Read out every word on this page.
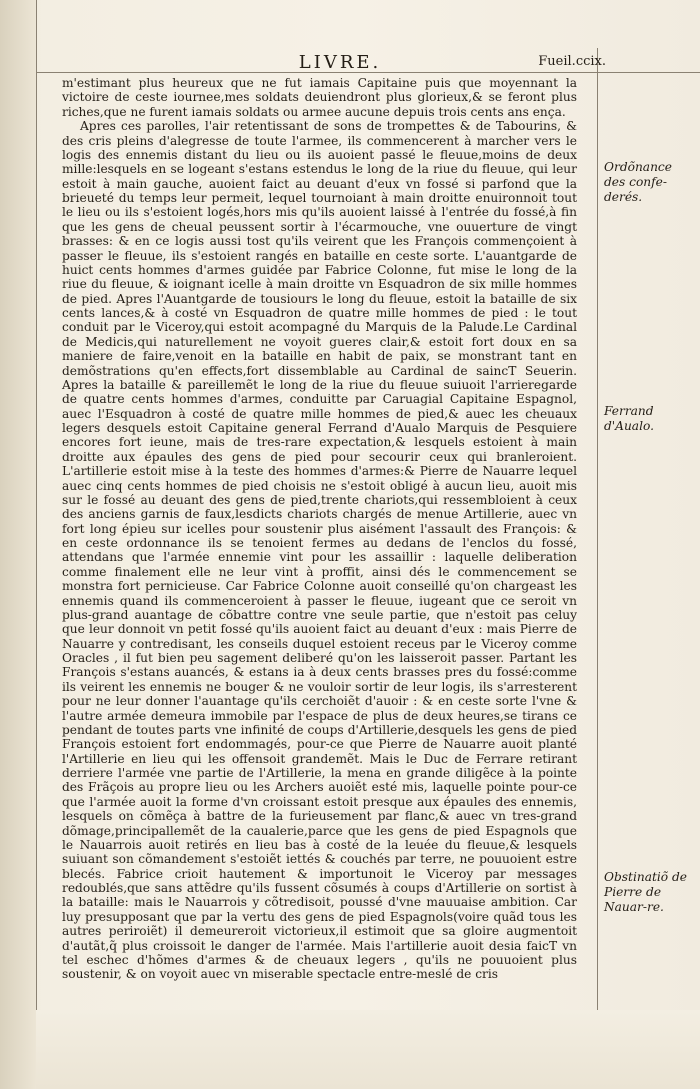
LIVRE.	Fueil.ccix.

m'estimant plus heureux que ne fut iamais Capitaine puis que moyennant la victoire de ceste iournee,mes soldats deuiendront plus glorieux,& se feront plus riches,que ne furent iamais soldats ou armee aucune depuis trois cents ans ença.

Apres ces parolles, l'air retentissant de sons de trompettes & de Tabourins, & des cris pleins d'alegresse de toute l'armee, ils commencerent à marcher vers le logis des ennemis distant du lieu ou ils auoient passé le fleuue,moins de deux mille:lesquels en se logeant s'estans estendus le long de la riue du fleuue, qui leur estoit à main gauche, auoient faict au deuant d'eux vn fossé si parfond que la brieueté du temps leur permeit, lequel tournoiant à main droitte enuironnoit tout le lieu ou ils s'estoient logés,hors mis qu'ils auoient laissé à l'entrée du fossé,à fin que les gens de cheual peussent sortir à l'écarmouche, vne ouuerture de vingt brasses: & en ce logis aussi tost qu'ils veirent que les François commençoient à passer le fleuue, ils s'estoient rangés en bataille en ceste sorte. L'auantgarde de huict cents hommes d'armes guidée par Fabrice Colonne, fut mise le long de la riue du fleuue, & ioignant icelle à main droitte vn Esquadron de six mille hommes de pied. Apres l'Auantgarde de tousiours le long du fleuue, estoit la bataille de six cents lances,& à costé vn Esquadron de quatre mille hommes de pied : le tout conduit par le Viceroy,qui estoit acompagné du Marquis de la Palude.Le Cardinal de Medicis,qui naturellement ne voyoit gueres clair,& estoit fort doux en sa maniere de faire,venoit en la bataille en habit de paix, se monstrant tant en demõstrations qu'en effects,fort dissemblable au Cardinal de saincT Seuerin. Apres la bataille & pareillemẽt le long de la riue du fleuue suiuoit l'arrieregarde de quatre cents hommes d'armes, conduitte par Caruagial Capitaine Espagnol, auec l'Esquadron à costé de quatre mille hommes de pied,& auec les cheuaux legers desquels estoit Capitaine general Ferrand d'Aualo Marquis de Pesquiere encores fort ieune, mais de tres-rare expectation,& lesquels estoient à main droitte aux épaules des gens de pied pour secourir ceux qui branleroient. L'artillerie estoit mise à la teste des hommes d'armes:& Pierre de Nauarre lequel auec cinq cents hommes de pied choisis ne s'estoit obligé à aucun lieu, auoit mis sur le fossé au deuant des gens de pied,trente chariots,qui ressembloient à ceux des anciens garnis de faux,lesdicts chariots chargés de menue Artillerie, auec vn fort long épieu sur icelles pour soustenir plus aisément l'assault des François: & en ceste ordonnance ils se tenoient fermes au dedans de l'enclos du fossé, attendans que l'armée ennemie vint pour les assaillir : laquelle deliberation comme finalement elle ne leur vint à proffit, ainsi dés le commencement se monstra fort pernicieuse. Car Fabrice Colonne auoit conseillé qu'on chargeast les ennemis quand ils commenceroient à passer le fleuue, iugeant que ce seroit vn plus-grand auantage de cõbattre contre vne seule partie, que n'estoit pas celuy que leur donnoit vn petit fossé qu'ils auoient faict au deuant d'eux : mais Pierre de Nauarre y contredisant, les conseils duquel estoient receus par le Viceroy comme Oracles , il fut bien peu sagement deliberé qu'on les laisseroit passer. Partant les François s'estans auancés, & estans ia à deux cents brasses pres du fossé:comme ils veirent les ennemis ne bouger & ne vouloir sortir de leur logis, ils s'arresterent pour ne leur donner l'auantage qu'ils cerchoiẽt d'auoir : & en ceste sorte l'vne & l'autre armée demeura immobile par l'espace de plus de deux heures,se tirans ce pendant de toutes parts vne infinité de coups d'Artillerie,desquels les gens de pied François estoient fort endommagés, pour-ce que Pierre de Nauarre auoit planté l'Artillerie en lieu qui les offensoit grandemẽt. Mais le Duc de Ferrare retirant derriere l'armée vne partie de l'Artillerie, la mena en grande diligẽce à la pointe des Frãçois au propre lieu ou les Archers auoiẽt esté mis, laquelle pointe pour-ce que l'armée auoit la forme d'vn croissant estoit presque aux épaules des ennemis, lesquels on cõmẽça à battre de la furieusement par flanc,& auec vn tres-grand dõmage,principallemẽt de la caualerie,parce que les gens de pied Espagnols que le Nauarrois auoit retirés en lieu bas à costé de la leuée du fleuue,& lesquels suiuant son cõmandement s'estoiẽt iettés & couchés par terre, ne pouuoient estre blecés. Fabrice crioit hautement & importunoit le Viceroy par messages redoublés,que sans attẽdre qu'ils fussent cõsumés à coups d'Artillerie on sortist à la bataille: mais le Nauarrois y cõtredisoit, poussé d'vne mauuaise ambition. Car luy presupposant que par la vertu des gens de pied Espagnols(voire quãd tous les autres periroiẽt) il demeureroit victorieux,il estimoit que sa gloire augmentoit d'autãt,q̃ plus croissoit le danger de l'armée. Mais l'artillerie auoit desia faicT vn tel eschec d'hõmes d'armes & de cheuaux legers , qu'ils ne pouuoient plus soustenir, & on voyoit auec vn miserable spectacle entre-meslé de cris

Ordõnance des confe-derés.
Ferrand d'Aualo.
Obstinatiõ de Pierre de Nauar-re.
